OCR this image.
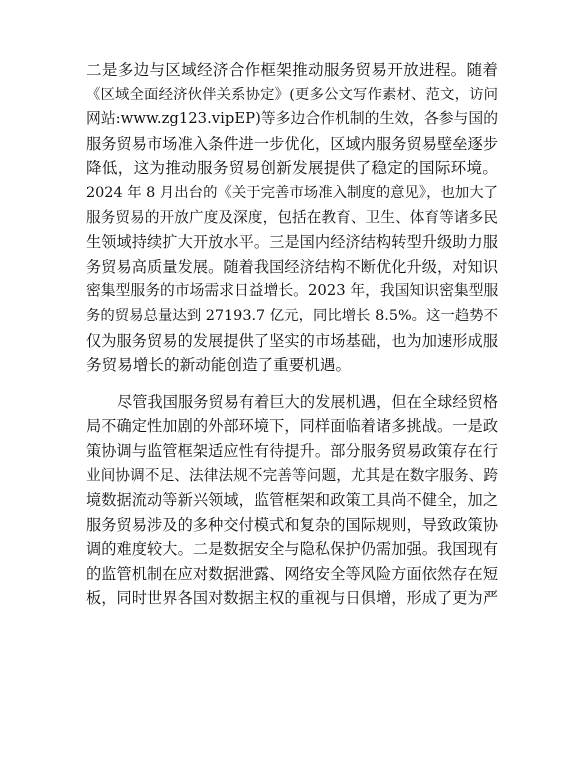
二是多边与区域经济合作框架推动服务贸易开放进程。随着
《区域全面经济伙伴关系协定》(更多公文写作素材、范文，访问
网站:www.zg123.vipEP)等多边合作机制的生效，各参与国的
服务贸易市场准入条件进一步优化，区域内服务贸易壁垒逐步
降低，这为推动服务贸易创新发展提供了稳定的国际环境。
2024 年 8 月出台的《关于完善市场准入制度的意见》，也加大了
服务贸易的开放广度及深度，包括在教育、卫生、体育等诸多民
生领域持续扩大开放水平。三是国内经济结构转型升级助力服
务贸易高质量发展。随着我国经济结构不断优化升级，对知识
密集型服务的市场需求日益增长。2023 年，我国知识密集型服
务的贸易总量达到 27193.7 亿元，同比增长 8.5%。这一趋势不
仅为服务贸易的发展提供了坚实的市场基础，也为加速形成服
务贸易增长的新动能创造了重要机遇。
尽管我国服务贸易有着巨大的发展机遇，但在全球经贸格
局不确定性加剧的外部环境下，同样面临着诸多挑战。一是政
策协调与监管框架适应性有待提升。部分服务贸易政策存在行
业间协调不足、法律法规不完善等问题，尤其是在数字服务、跨
境数据流动等新兴领域，监管框架和政策工具尚不健全，加之
服务贸易涉及的多种交付模式和复杂的国际规则，导致政策协
调的难度较大。二是数据安全与隐私保护仍需加强。我国现有
的监管机制在应对数据泄露、网络安全等风险方面依然存在短
板，同时世界各国对数据主权的重视与日俱增，形成了更为严
